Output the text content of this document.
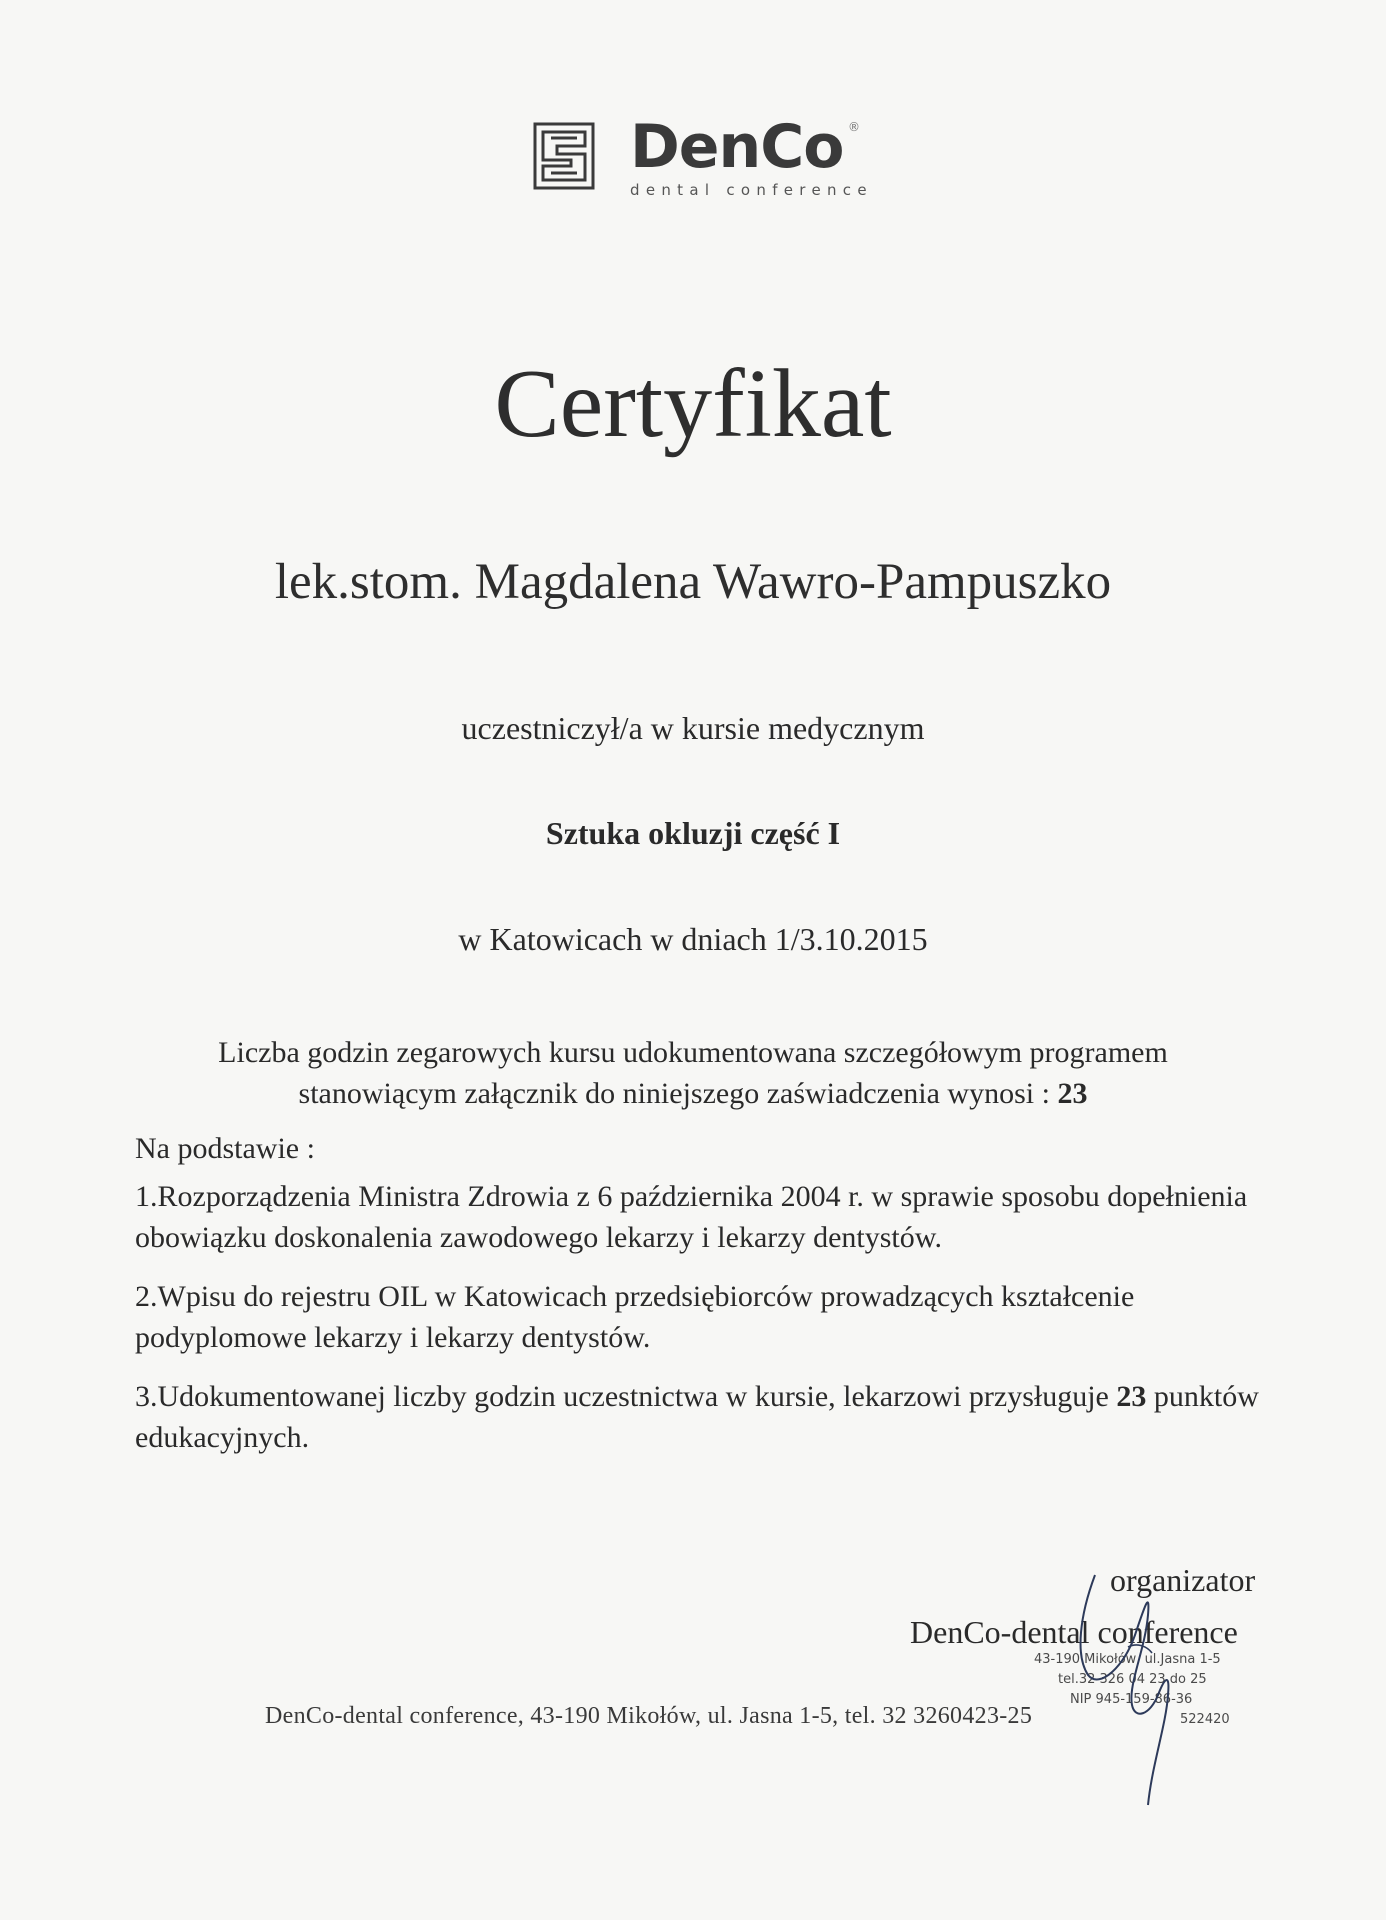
DenCo ®
dental conference
Certyfikat
lek.stom. Magdalena Wawro-Pampuszko
uczestniczył/a w kursie medycznym
Sztuka okluzji część I
w Katowicach w dniach 1/3.10.2015
Liczba godzin zegarowych kursu udokumentowana szczegółowym programem
stanowiącym załącznik do niniejszego zaświadczenia wynosi : 23
Na podstawie :

1.Rozporządzenia Ministra Zdrowia z 6 października 2004 r. w sprawie sposobu dopełnienia obowiązku doskonalenia zawodowego lekarzy i lekarzy dentystów.

2.Wpisu do rejestru OIL w Katowicach przedsiębiorców prowadzących kształcenie podyplomowe lekarzy i lekarzy dentystów.

3.Udokumentowanej liczby godzin uczestnictwa w kursie, lekarzowi przysługuje 23 punktów edukacyjnych.

organizator
DenCo-dental conference
43-190 Mikołów, ul.Jasna 1-5
tel.32 326 04 23 do 25
NIP 945-159-86-36
522420
DenCo-dental conference, 43-190 Mikołów, ul. Jasna 1-5, tel. 32 3260423-25
